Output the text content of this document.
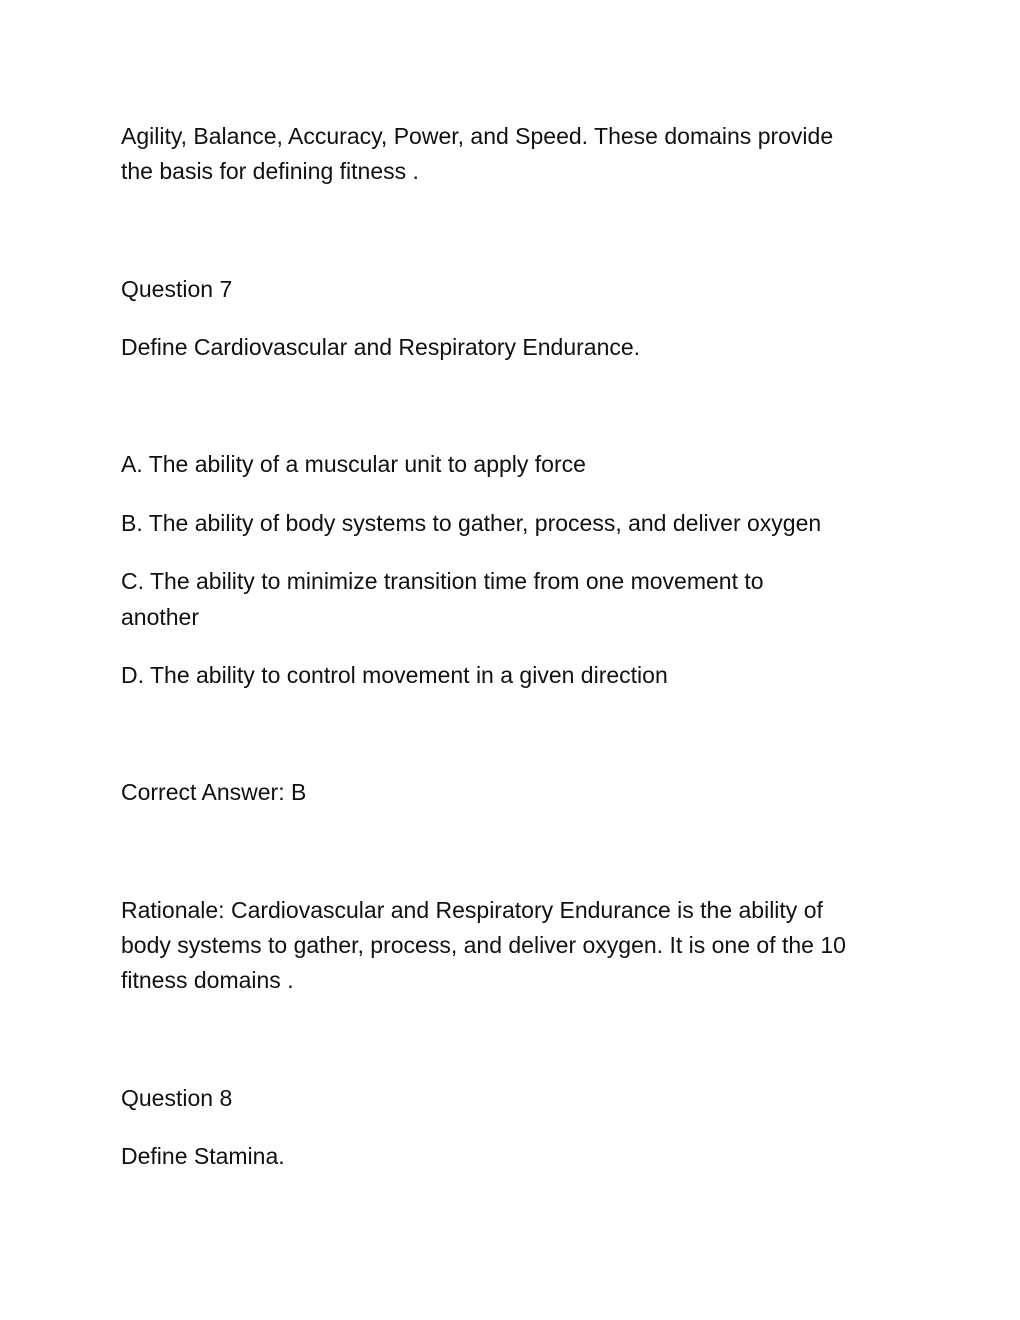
Agility, Balance, Accuracy, Power, and Speed. These domains provide

the basis for defining fitness .

Question 7

Define Cardiovascular and Respiratory Endurance.

A. The ability of a muscular unit to apply force

B. The ability of body systems to gather, process, and deliver oxygen

C. The ability to minimize transition time from one movement to

another

D. The ability to control movement in a given direction

Correct Answer: B

Rationale: Cardiovascular and Respiratory Endurance is the ability of

body systems to gather, process, and deliver oxygen. It is one of the 10

fitness domains .

Question 8

Define Stamina.
